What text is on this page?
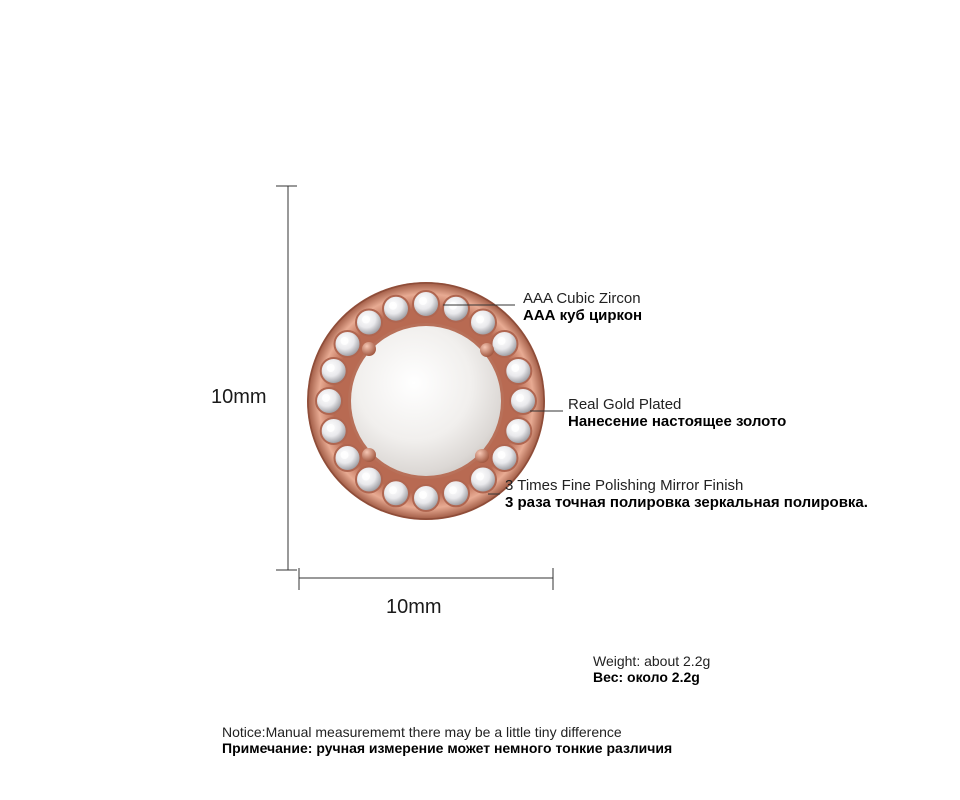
10mm
10mm
AAA Cubic Zircon
ААА куб циркон
Real Gold Plated
Нанесение настоящее золото
3 Times Fine Polishing Mirror Finish
3 раза точная полировка зеркальная полировка.
Weight: about 2.2g
Вес: около 2.2g
Notice:Manual measurememt there may be a little tiny difference
Примечание: ручная измерение может немного тонкие различия
